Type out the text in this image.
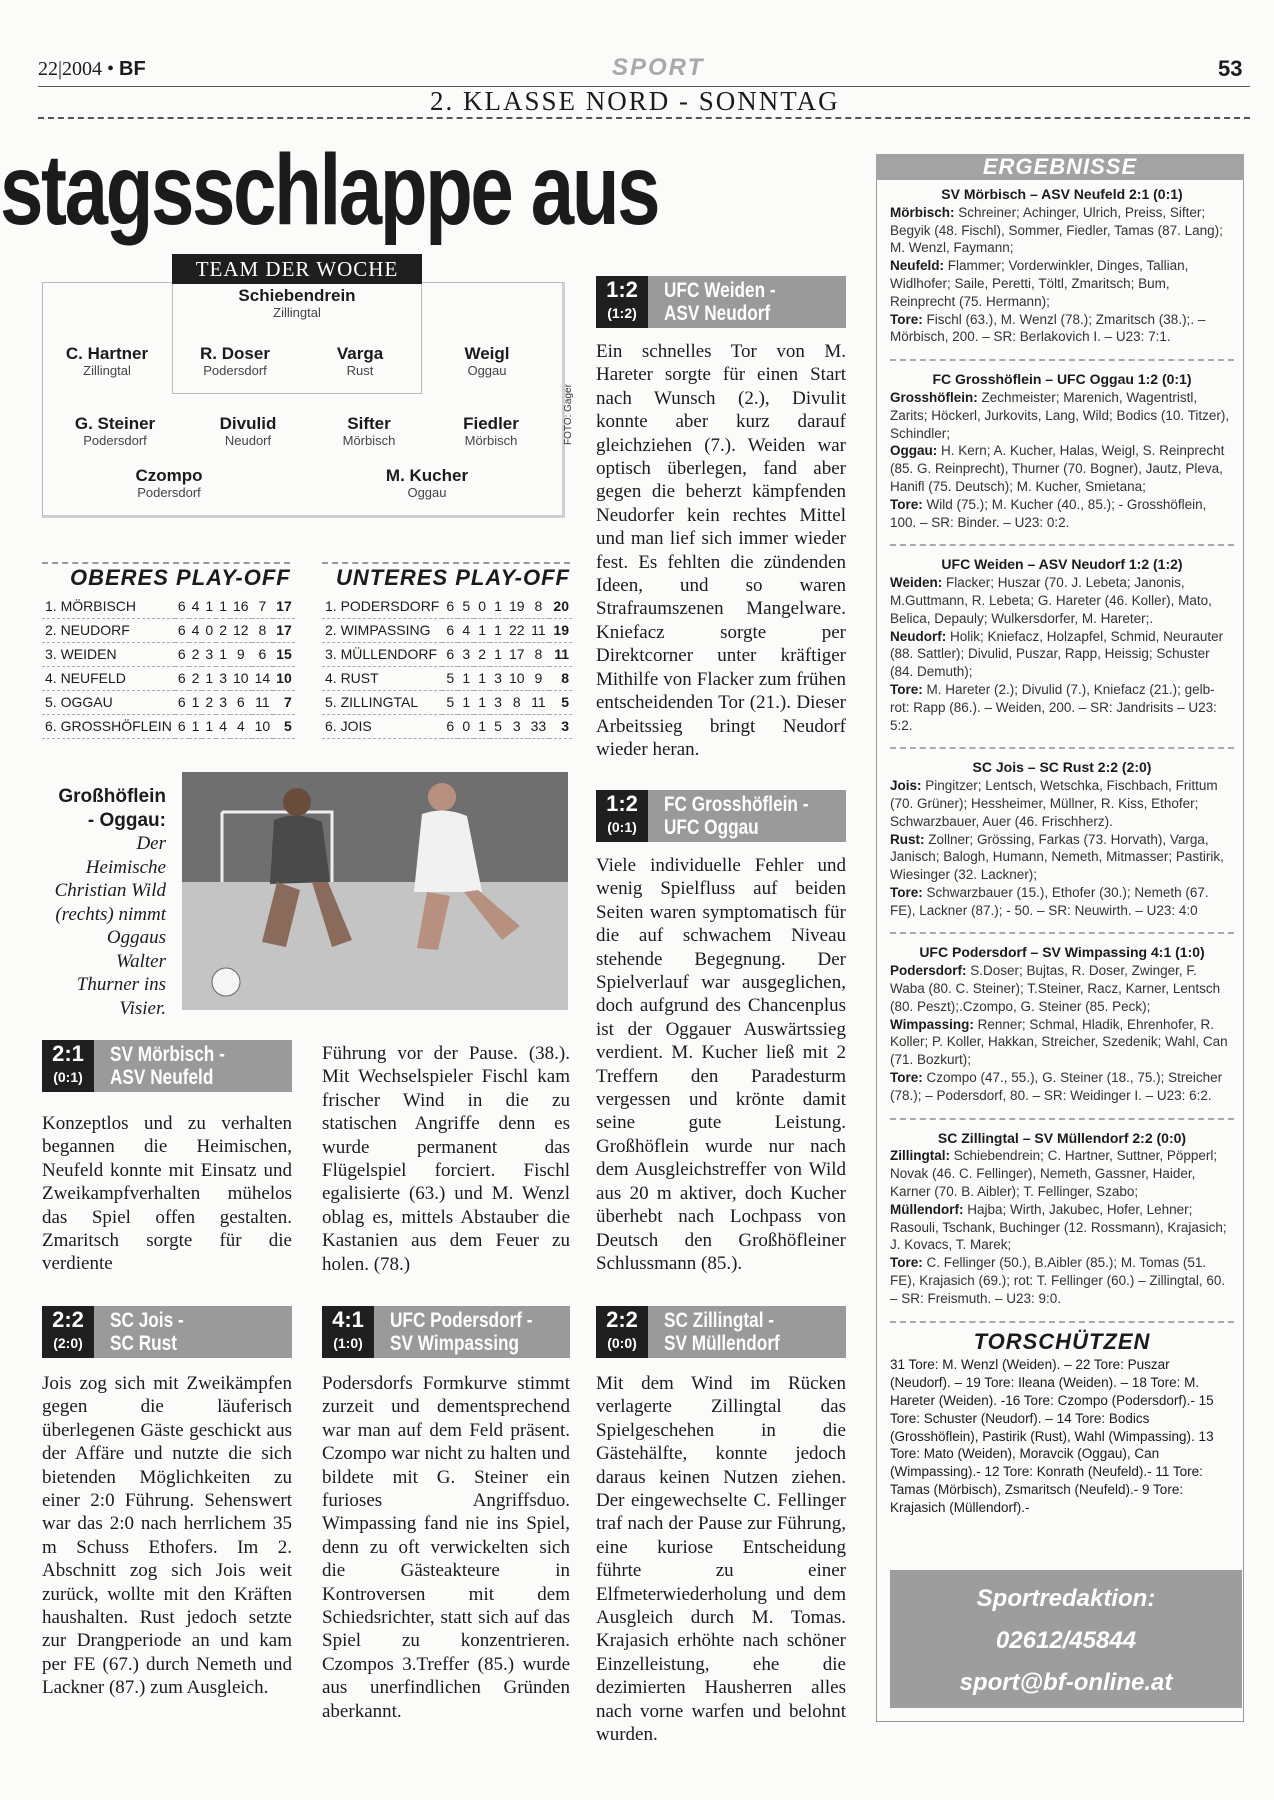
22|2004 • BF	SPORT	53
2. KLASSE NORD - SONNTAG
stagsschlappe aus
TEAM DER WOCHE
Schiebendrein
Zillingtal
C. Hartner
Zillingtal
R. Doser
Podersdorf
Varga
Rust
Weigl
Oggau
G. Steiner
Podersdorf
Divulid
Neudorf
Sifter
Mörbisch
Fiedler
Mörbisch
Czompo
Podersdorf
M. Kucher
Oggau
FOTO: Gager
OBERES PLAY-OFF
1. MÖRBISCH	6	4	1	1	16	7	17
2. NEUDORF	6	4	0	2	12	8	17
3. WEIDEN	6	2	3	1	9	6	15
4. NEUFELD	6	2	1	3	10	14	10
5. OGGAU	6	1	2	3	6	11	7
6. GROSSHÖFLEIN	6	1	1	4	4	10	5
UNTERES PLAY-OFF
1. PODERSDORF	6	5	0	1	19	8	20
2. WIMPASSING	6	4	1	1	22	11	19
3. MÜLLENDORF	6	3	2	1	17	8	11
4. RUST	5	1	1	3	10	9	8
5. ZILLINGTAL	5	1	1	3	8	11	5
6. JOIS	6	0	1	5	3	33	3
Großhöflein - Oggau: Der Heimische Christian Wild (rechts) nimmt Oggaus Walter Thurner ins Visier.
2:1
(0:1)
SV Mörbisch -
ASV Neufeld
Konzeptlos und zu verhalten begannen die Heimischen, Neufeld konnte mit Einsatz und Zweikampfverhalten mühelos das Spiel offen gestalten. Zmaritsch sorgte für die verdiente
Führung vor der Pause. (38.). Mit Wechselspieler Fischl kam frischer Wind in die zu statischen Angriffe denn es wurde permanent das Flügelspiel forciert. Fischl egalisierte (63.) und M. Wenzl oblag es, mittels Abstauber die Kastanien aus dem Feuer zu holen. (78.)
2:2
(2:0)
SC Jois -
SC Rust
Jois zog sich mit Zweikämpfen gegen die läuferisch überlegenen Gäste geschickt aus der Affäre und nutzte die sich bietenden Möglichkeiten zu einer 2:0 Führung. Sehenswert war das 2:0 nach herrlichem 35 m Schuss Ethofers. Im 2. Abschnitt zog sich Jois weit zurück, wollte mit den Kräften haushalten. Rust jedoch setzte zur Drangperiode an und kam per FE (67.) durch Nemeth und Lackner (87.) zum Ausgleich.
4:1
(1:0)
UFC Podersdorf -
SV Wimpassing
Podersdorfs Formkurve stimmt zurzeit und dementsprechend war man auf dem Feld präsent. Czompo war nicht zu halten und bildete mit G. Steiner ein furioses Angriffsduo. Wimpassing fand nie ins Spiel, denn zu oft verwickelten sich die Gästeakteure in Kontroversen mit dem Schiedsrichter, statt sich auf das Spiel zu konzentrieren. Czompos 3.Treffer (85.) wurde aus unerfindlichen Gründen aberkannt.
1:2
(1:2)
UFC Weiden -
ASV Neudorf
Ein schnelles Tor von M. Hareter sorgte für einen Start nach Wunsch (2.), Divulit konnte aber kurz darauf gleichziehen (7.). Weiden war optisch überlegen, fand aber gegen die beherzt kämpfenden Neudorfer kein rechtes Mittel und man lief sich immer wieder fest. Es fehlten die zündenden Ideen, und so waren Strafraumszenen Mangelware. Kniefacz sorgte per Direktcorner unter kräftiger Mithilfe von Flacker zum frühen entscheidenden Tor (21.). Dieser Arbeitssieg bringt Neudorf wieder heran.
1:2
(0:1)
FC Grosshöflein -
UFC Oggau
Viele individuelle Fehler und wenig Spielfluss auf beiden Seiten waren symptomatisch für die auf schwachem Niveau stehende Begegnung. Der Spielverlauf war ausgeglichen, doch aufgrund des Chancenplus ist der Oggauer Auswärtssieg verdient. M. Kucher ließ mit 2 Treffern den Paradesturm vergessen und krönte damit seine gute Leistung. Großhöflein wurde nur nach dem Ausgleichstreffer von Wild aus 20 m aktiver, doch Kucher überhebt nach Lochpass von Deutsch den Großhöfleiner Schlussmann (85.).
2:2
(0:0)
SC Zillingtal -
SV Müllendorf
Mit dem Wind im Rücken verlagerte Zillingtal das Spielgeschehen in die Gästehälfte, konnte jedoch daraus keinen Nutzen ziehen. Der eingewechselte C. Fellinger traf nach der Pause zur Führung, eine kuriose Entscheidung führte zu einer Elfmeterwiederholung und dem Ausgleich durch M. Tomas. Krajasich erhöhte nach schöner Einzelleistung, ehe die dezimierten Hausherren alles nach vorne warfen und belohnt wurden.
ERGEBNISSE
SV Mörbisch – ASV Neufeld 2:1 (0:1)

Mörbisch: Schreiner; Achinger, Ulrich, Preiss, Sifter; Begyik (48. Fischl), Sommer, Fiedler, Tamas (87. Lang); M. Wenzl, Faymann;

Neufeld: Flammer; Vorderwinkler, Dinges, Tallian, Widlhofer; Saile, Peretti, Töltl, Zmaritsch; Bum, Reinprecht (75. Hermann);

Tore: Fischl (63.), M. Wenzl (78.); Zmaritsch (38.);. – Mörbisch, 200. – SR: Berlakovich I. – U23: 7:1.

FC Grosshöflein – UFC Oggau 1:2 (0:1)

Grosshöflein: Zechmeister; Marenich, Wagentristl, Zarits; Höckerl, Jurkovits, Lang, Wild; Bodics (10. Titzer), Schindler;

Oggau: H. Kern; A. Kucher, Halas, Weigl, S. Reinprecht (85. G. Reinprecht), Thurner (70. Bogner), Jautz, Pleva, Hanifl (75. Deutsch); M. Kucher, Smietana;

Tore: Wild (75.); M. Kucher (40., 85.); - Grosshöflein, 100. – SR: Binder. – U23: 0:2.

UFC Weiden – ASV Neudorf 1:2 (1:2)

Weiden: Flacker; Huszar (70. J. Lebeta; Janonis, M.Guttmann, R. Lebeta; G. Hareter (46. Koller), Mato, Belica, Depauly; Wulkersdorfer, M. Hareter;.

Neudorf: Holik; Kniefacz, Holzapfel, Schmid, Neurauter (88. Sattler); Divulid, Puszar, Rapp, Heissig; Schuster (84. Demuth);

Tore: M. Hareter (2.); Divulid (7.), Kniefacz (21.); gelb-rot: Rapp (86.). – Weiden, 200. – SR: Jandrisits – U23: 5:2.

SC Jois – SC Rust 2:2 (2:0)

Jois: Pingitzer; Lentsch, Wetschka, Fischbach, Frittum (70. Grüner); Hessheimer, Müllner, R. Kiss, Ethofer; Schwarzbauer, Auer (46. Frischherz).

Rust: Zollner; Grössing, Farkas (73. Horvath), Varga, Janisch; Balogh, Humann, Nemeth, Mitmasser; Pastirik, Wiesinger (32. Lackner);

Tore: Schwarzbauer (15.), Ethofer (30.); Nemeth (67. FE), Lackner (87.); - 50. – SR: Neuwirth. – U23: 4:0

UFC Podersdorf – SV Wimpassing 4:1 (1:0)

Podersdorf: S.Doser; Bujtas, R. Doser, Zwinger, F. Waba (80. C. Steiner); T.Steiner, Racz, Karner, Lentsch (80. Peszt);.Czompo, G. Steiner (85. Peck);

Wimpassing: Renner; Schmal, Hladik, Ehrenhofer, R. Koller; P. Koller, Hakkan, Streicher, Szedenik; Wahl, Can (71. Bozkurt);

Tore: Czompo (47., 55.), G. Steiner (18., 75.); Streicher (78.); – Podersdorf, 80. – SR: Weidinger I. – U23: 6:2.

SC Zillingtal – SV Müllendorf 2:2 (0:0)

Zillingtal: Schiebendrein; C. Hartner, Suttner, Pöpperl; Novak (46. C. Fellinger), Nemeth, Gassner, Haider, Karner (70. B. Aibler); T. Fellinger, Szabo;

Müllendorf: Hajba; Wirth, Jakubec, Hofer, Lehner; Rasouli, Tschank, Buchinger (12. Rossmann), Krajasich; J. Kovacs, T. Marek;

Tore: C. Fellinger (50.), B.Aibler (85.); M. Tomas (51. FE), Krajasich (69.); rot: T. Fellinger (60.) – Zillingtal, 60. – SR: Freismuth. – U23: 9:0.

TORSCHÜTZEN
31 Tore: M. Wenzl (Weiden). – 22 Tore: Puszar (Neudorf). – 19 Tore: Ileana (Weiden). – 18 Tore: M. Hareter (Weiden). -16 Tore: Czompo (Podersdorf).- 15 Tore: Schuster (Neudorf). – 14 Tore: Bodics (Grosshöflein), Pastirik (Rust), Wahl (Wimpassing). 13 Tore: Mato (Weiden), Moravcik (Oggau), Can (Wimpassing).- 12 Tore: Konrath (Neufeld).- 11 Tore: Tamas (Mörbisch), Zsmaritsch (Neufeld).- 9 Tore: Krajasich (Müllendorf).-
Sportredaktion:
02612/45844
sport@bf-online.at
